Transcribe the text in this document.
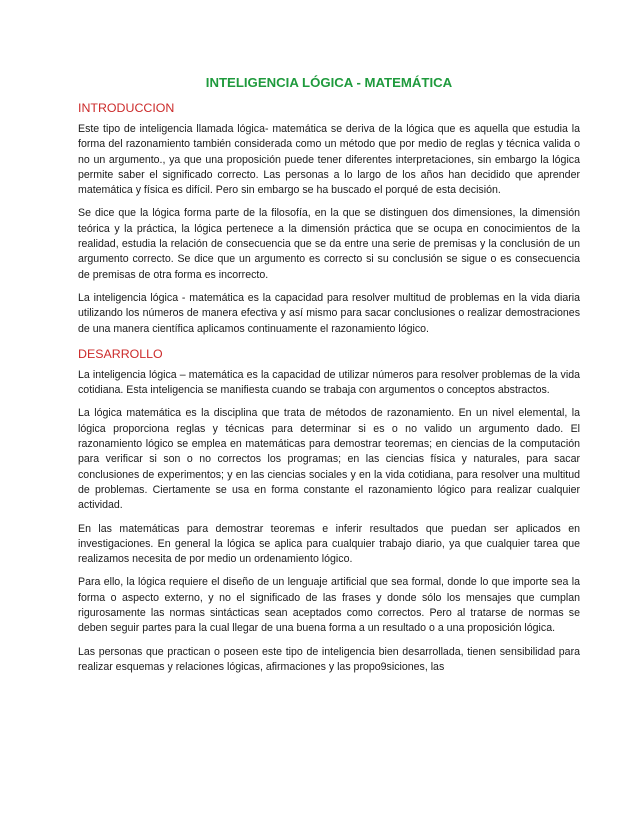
INTELIGENCIA LÓGICA - MATEMÁTICA
INTRODUCCION

Este tipo de inteligencia llamada lógica- matemática se deriva de la lógica que es aquella que estudia la forma del razonamiento también considerada como un método que por medio de reglas y técnica valida o no un argumento., ya que una proposición puede tener diferentes interpretaciones, sin embargo la lógica permite saber el significado correcto. Las personas a lo largo de los años han decidido que aprender matemática y física es difícil. Pero sin embargo se ha buscado el porqué de esta decisión.

Se dice que la lógica forma parte de la filosofía, en la que se distinguen dos dimensiones, la dimensión teórica y la práctica, la lógica pertenece a la dimensión práctica que se ocupa en conocimientos de la realidad, estudia la relación de consecuencia que se da entre una serie de premisas y la conclusión de un argumento correcto. Se dice que un argumento es correcto si su conclusión se sigue o es consecuencia de premisas de otra forma es incorrecto.

La inteligencia lógica - matemática es la capacidad para resolver multitud de problemas en la vida diaria utilizando los números de manera efectiva y así mismo para sacar conclusiones o realizar demostraciones de una manera científica aplicamos continuamente el razonamiento lógico.

DESARROLLO

La inteligencia lógica – matemática es la capacidad de utilizar números para resolver problemas de la vida cotidiana. Esta inteligencia se manifiesta cuando se trabaja con argumentos o conceptos abstractos.

La lógica matemática es la disciplina que trata de métodos de razonamiento. En un nivel elemental, la lógica proporciona reglas y técnicas para determinar si es o no valido un argumento dado. El razonamiento lógico se emplea en matemáticas para demostrar teoremas; en ciencias de la computación para verificar si son o no correctos los programas; en las ciencias física y naturales, para sacar conclusiones de experimentos; y en las ciencias sociales y en la vida cotidiana, para resolver una multitud de problemas. Ciertamente se usa en forma constante el razonamiento lógico para realizar cualquier actividad.

En las matemáticas para demostrar teoremas e inferir resultados que puedan ser aplicados en investigaciones. En general la lógica se aplica para cualquier trabajo diario, ya que cualquier tarea que realizamos necesita de por medio un ordenamiento lógico.

Para ello, la lógica requiere el diseño de un lenguaje artificial que sea formal, donde lo que importe sea la forma o aspecto externo, y no el significado de las frases y donde sólo los mensajes que cumplan rigurosamente las normas sintácticas sean aceptados como correctos. Pero al tratarse de normas se deben seguir partes para la cual llegar de una buena forma a un resultado o a una proposición lógica.

Las personas que practican o poseen este tipo de inteligencia bien desarrollada, tienen sensibilidad para realizar esquemas y relaciones lógicas, afirmaciones y las propo9siciones, las
